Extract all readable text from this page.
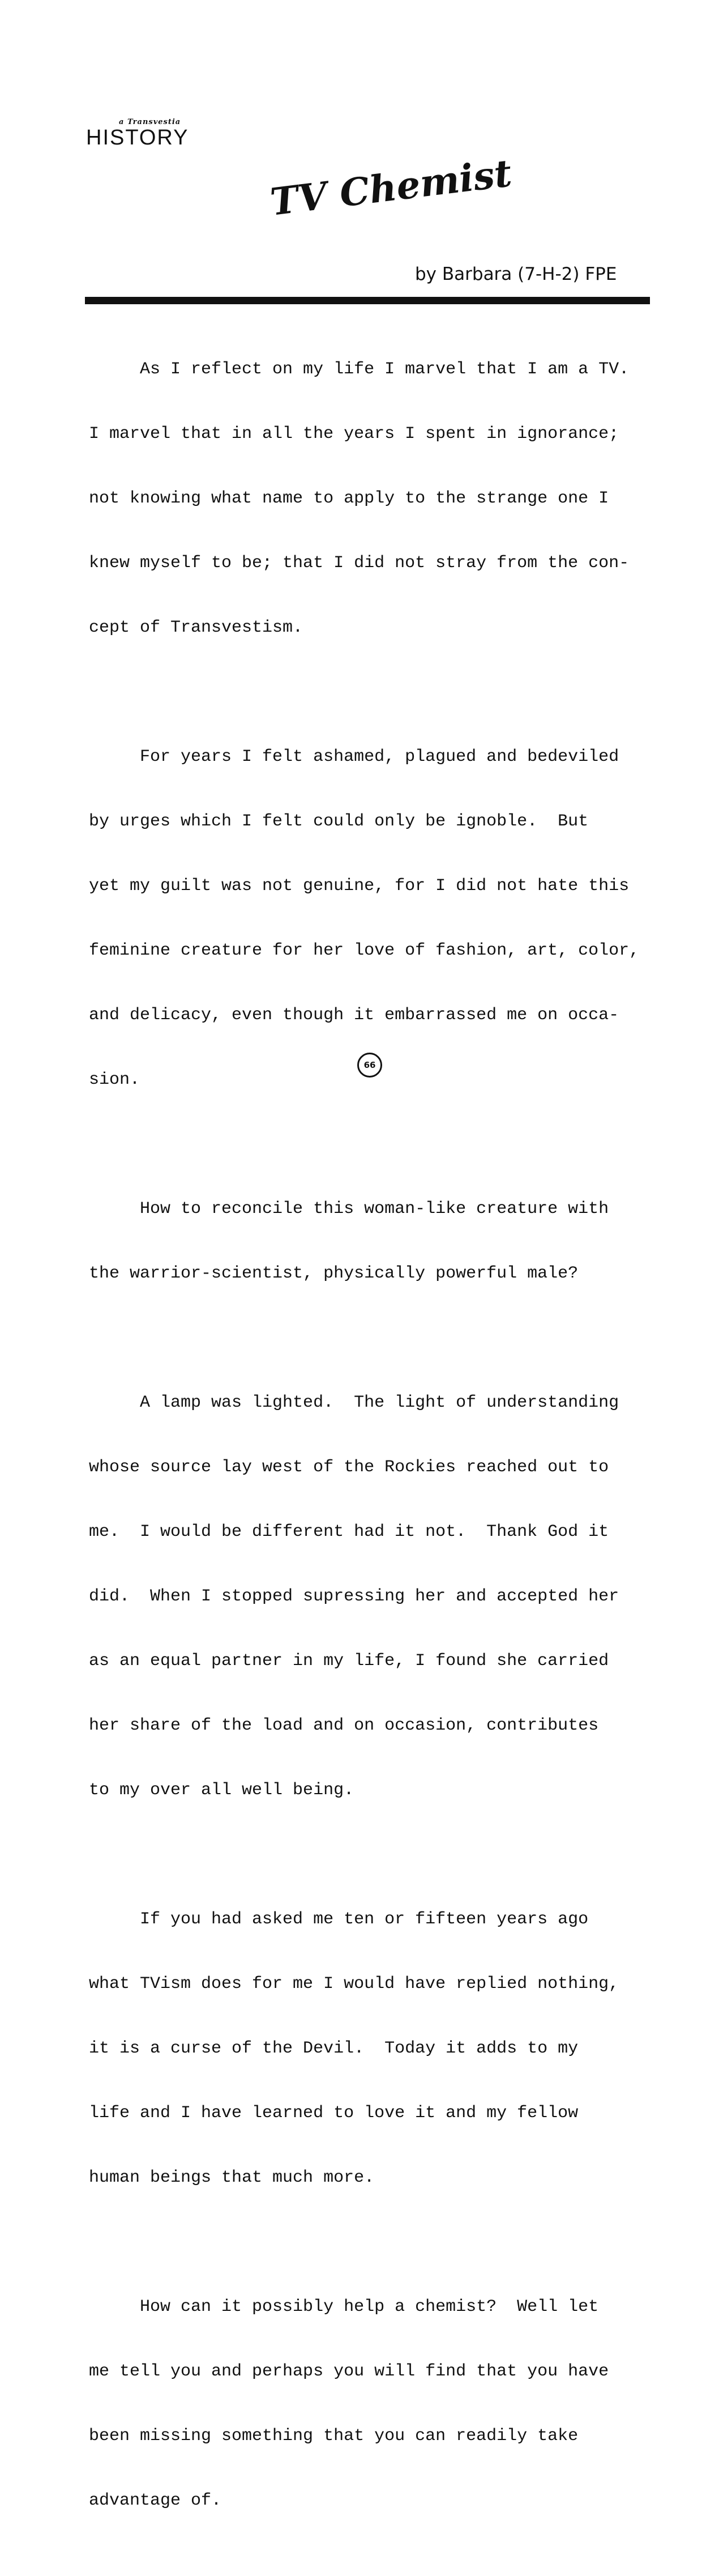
a Transvestia
HISTORY
TV Chemist
by Barbara (7-H-2) FPE

As I reflect on my life I marvel that I am a TV.

I marvel that in all the years I spent in ignorance;

not knowing what name to apply to the strange one I

knew myself to be; that I did not stray from the con-

cept of Transvestism.

For years I felt ashamed, plagued and bedeviled

by urges which I felt could only be ignoble.  But

yet my guilt was not genuine, for I did not hate this

feminine creature for her love of fashion, art, color,

and delicacy, even though it embarrassed me on occa-

sion.

How to reconcile this woman-like creature with

the warrior-scientist, physically powerful male?

A lamp was lighted.  The light of understanding

whose source lay west of the Rockies reached out to

me.  I would be different had it not.  Thank God it

did.  When I stopped supressing her and accepted her

as an equal partner in my life, I found she carried

her share of the load and on occasion, contributes

to my over all well being.

If you had asked me ten or fifteen years ago

what TVism does for me I would have replied nothing,

it is a curse of the Devil.  Today it adds to my

life and I have learned to love it and my fellow

human beings that much more.

How can it possibly help a chemist?  Well let

me tell you and perhaps you will find that you have

been missing something that you can readily take

advantage of.

66
